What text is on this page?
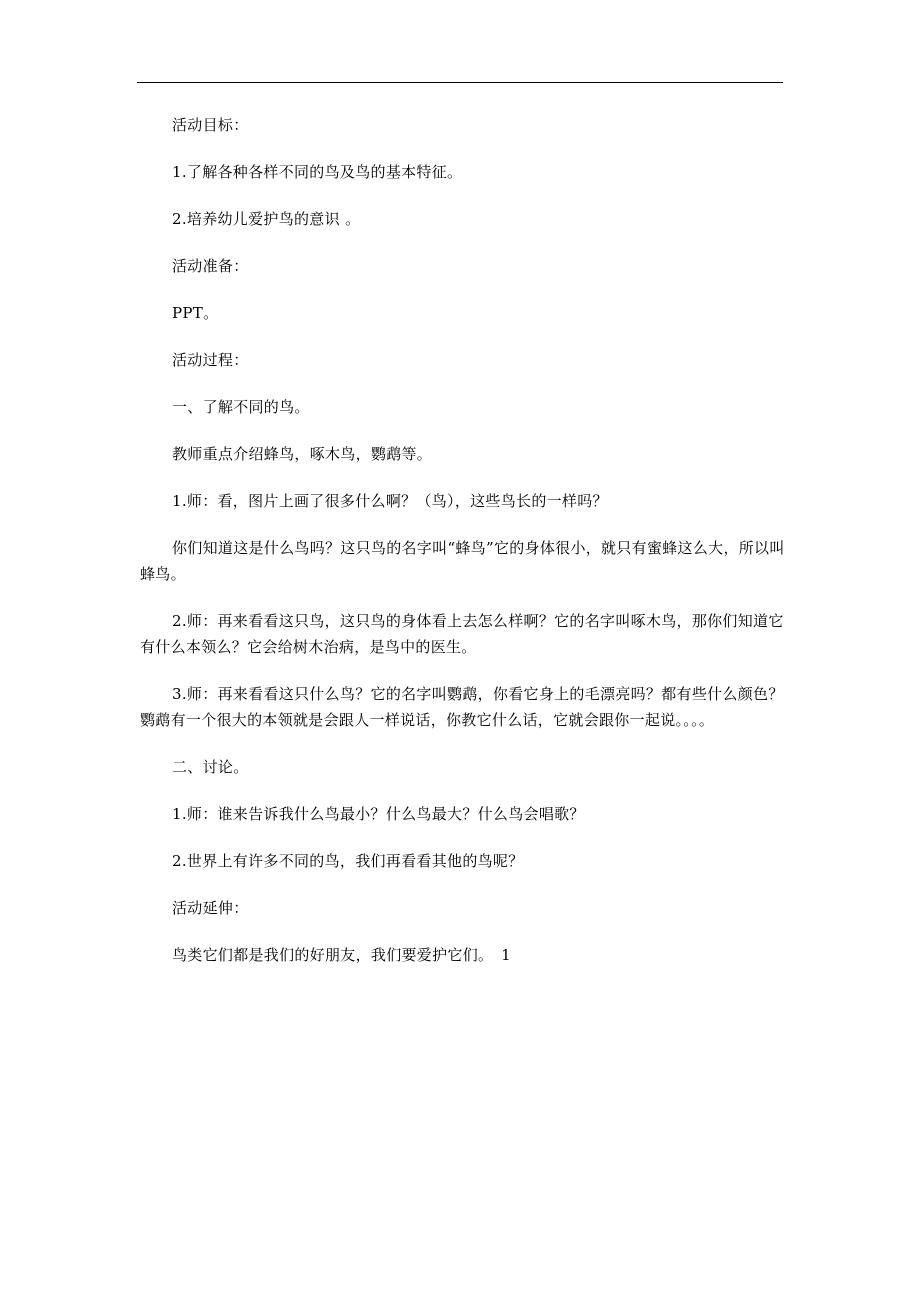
活动目标：

1.了解各种各样不同的鸟及鸟的基本特征。

2.培养幼儿爱护鸟的意识 。

活动准备：

PPT。

活动过程：

一、了解不同的鸟。

教师重点介绍蜂鸟，啄木鸟，鹦鹉等。

1.师：看，图片上画了很多什么啊？（鸟），这些鸟长的一样吗？

你们知道这是什么鸟吗？这只鸟的名字叫“蜂鸟”它的身体很小，就只有蜜蜂这么大，所以叫蜂鸟。

2.师：再来看看这只鸟，这只鸟的身体看上去怎么样啊？它的名字叫啄木鸟，那你们知道它有什么本领么？它会给树木治病，是鸟中的医生。

3.师：再来看看这只什么鸟？它的名字叫鹦鹉，你看它身上的毛漂亮吗？都有些什么颜色？鹦鹉有一个很大的本领就是会跟人一样说话，你教它什么话，它就会跟你一起说。。。。

二、讨论。

1.师：谁来告诉我什么鸟最小？什么鸟最大？什么鸟会唱歌？

2.世界上有许多不同的鸟，我们再看看其他的鸟呢？

活动延伸：

鸟类它们都是我们的好朋友，我们要爱护它们。　1
